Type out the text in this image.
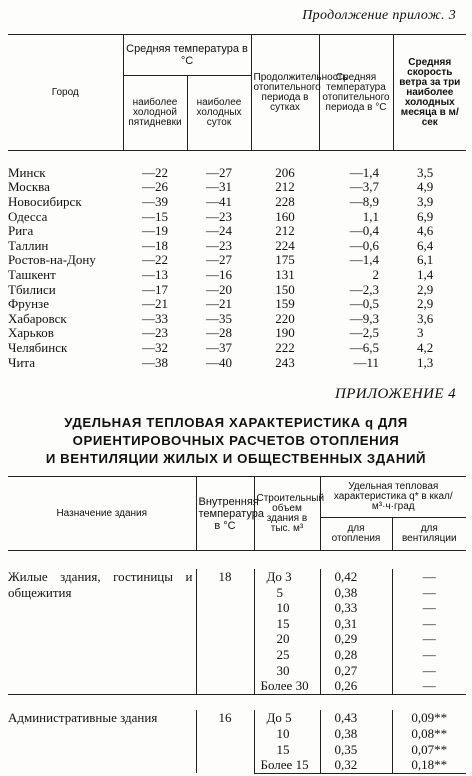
Продолжение прилож. 3
Город	Средняя температура в °C		Продолжительность отопительного периода в сутках	Средняя температура отопительного периода в °C	Средняя скорость ветра за три наиболее холодных месяца в м/сек
	наиболее холодной пятидневки	наиболее холодных суток			

Минск	—22	—27	206	—1,4	3,5
Москва	—26	—31	212	—3,7	4,9
Новосибирск	—39	—41	228	—8,9	3,9
Одесса	—15	—23	160	1,1	6,9
Рига	—19	—24	212	—0,4	4,6
Таллин	—18	—23	224	—0,6	6,4
Ростов-на-Дону	—22	—27	175	—1,4	6,1
Ташкент	—13	—16	131	2	1,4
Тбилиси	—17	—20	150	—2,3	2,9
Фрунзе	—21	—21	159	—0,5	2,9
Хабаровск	—33	—35	220	—9,3	3,6
Харьков	—23	—28	190	—2,5	3
Челябинск	—32	—37	222	—6,5	4,2
Чита	—38	—40	243	—11	1,3
ПРИЛОЖЕНИЕ 4
УДЕЛЬНАЯ ТЕПЛОВАЯ ХАРАКТЕРИСТИКА q ДЛЯ
ОРИЕНТИРОВОЧНЫХ РАСЧЕТОВ ОТОПЛЕНИЯ
И ВЕНТИЛЯЦИИ ЖИЛЫХ И ОБЩЕСТВЕННЫХ ЗДАНИЙ
Назначение здания	Внутренняя температура в °C	Строительный объем здания в тыс. м³	Удельная тепловая характеристика q* в ккал/м³·ч·град	
			для отопления	для вентиляции

Жилые здания, гостиницы и общежития	18	До 3	0,42	—
		5	0,38	—
		10	0,33	—
		15	0,31	—
		20	0,29	—
		25	0,28	—
		30	0,27	—
		Более 30	0,26	—

Административные здания	16	До 5	0,43	0,09**
		10	0,38	0,08**
		15	0,35	0,07**
		Более 15	0,32	0,18**
